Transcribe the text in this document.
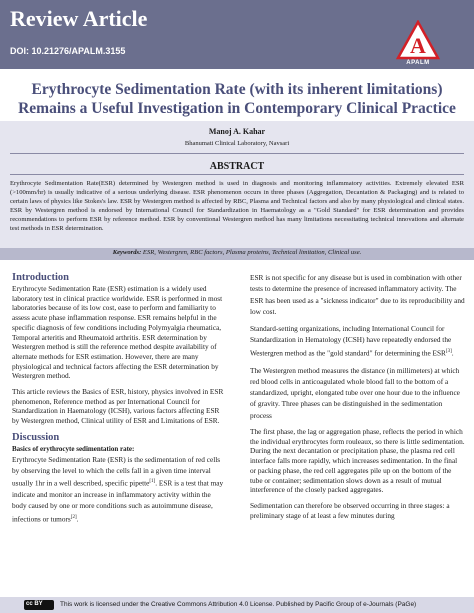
Review Article
DOI: 10.21276/APALM.3155	A
APALM
Erythrocyte Sedimentation Rate (with its inherent limitations)
Remains a Useful Investigation in Contemporary Clinical Practice
Manoj A. Kahar
Bhanumati Clinical Laboratory, Navsari
ABSTRACT
Erythrocyte Sedimentation Rate(ESR) determined by Westergren method is used in diagnosis and monitoring inflammatory activities. Extremely elevated ESR (>100mm/hr) is usually indicative of a serious underlying disease. ESR phenomenon occurs in three phases (Aggregation, Decantation & Packaging) and is related to certain laws of physics like Stokes's law. ESR by Westergren method is affected by RBC, Plasma and Technical factors and also by many physiological and clinical states. ESR by Westergren method is endorsed by International Council for Standardization in Haematology as a "Gold Standard" for ESR determination and provides recommendations to perform ESR by reference method. ESR by conventional Westergren method has many limitations necessitating technical innovations and alternate test methods in ESR determination.
Keywords: ESR, Westergren, RBC factors, Plasma proteins, Technical limitation, Clinical use.
Introduction

Erythrocyte Sedimentation Rate (ESR) estimation is a widely used laboratory test in clinical practice worldwide. ESR is performed in most laboratories because of its low cost, ease to perform and familiarity to assess acute phase inflammation response. ESR remains helpful in the specific diagnosis of few conditions including Polymyalgia rheumatica, Temporal arteritis and Rheumatoid arthritis. ESR determination by Westergren method is still the reference method despite availability of alternate methods for ESR estimation. However, there are many physiological and technical factors affecting the ESR determination by Westergren method.

This article reviews the Basics of ESR, history, physics involved in ESR phenomenon, Reference method as per International Council for Standardization in Haematology (ICSH), various factors affecting ESR by Westergren method, Clinical utility of ESR and Limitations of ESR.

Discussion

Basics of erythrocyte sedimentation rate:

Erythrocyte Sedimentation Rate (ESR) is the sedimentation of red cells by observing the level to which the cells fall in a given time interval usually 1hr in a well described, specific pipette[1]. ESR is a test that may indicate and monitor an increase in inflammatory activity within the body caused by one or more conditions such as autoimmune disease, infections or tumors[2].

ESR is not specific for any disease but is used in combination with other tests to determine the presence of increased inflammatory activity. The ESR has been used as a "sickness indicator" due to its reproducibility and low cost.

Standard-setting organizations, including International Council for Standardization in Hematology (ICSH) have repeatedly endorsed the Westergren method as the "gold standard" for determining the ESR[3].

The Westergren method measures the distance (in millimeters) at which red blood cells in anticoagulated whole blood fall to the bottom of a standardized, upright, elongated tube over one hour due to the influence of gravity. Three phases can be distinguished in the sedimentation process

The first phase, the lag or aggregation phase, reflects the period in which the individual erythrocytes form rouleaux, so there is little sedimentation. During the next decantation or precipitation phase, the plasma red cell interface falls more rapidly, which increases sedimentation. In the final or packing phase, the red cell aggregates pile up on the bottom of the tube or container; sedimentation slows down as a result of mutual interference of the closely packed aggregates.

Sedimentation can therefore be observed occurring in three stages: a preliminary stage of at least a few minutes during

cc BY	This work is licensed under the Creative Commons Attribution 4.0 License. Published by Pacific Group of e-Journals (PaGe)
